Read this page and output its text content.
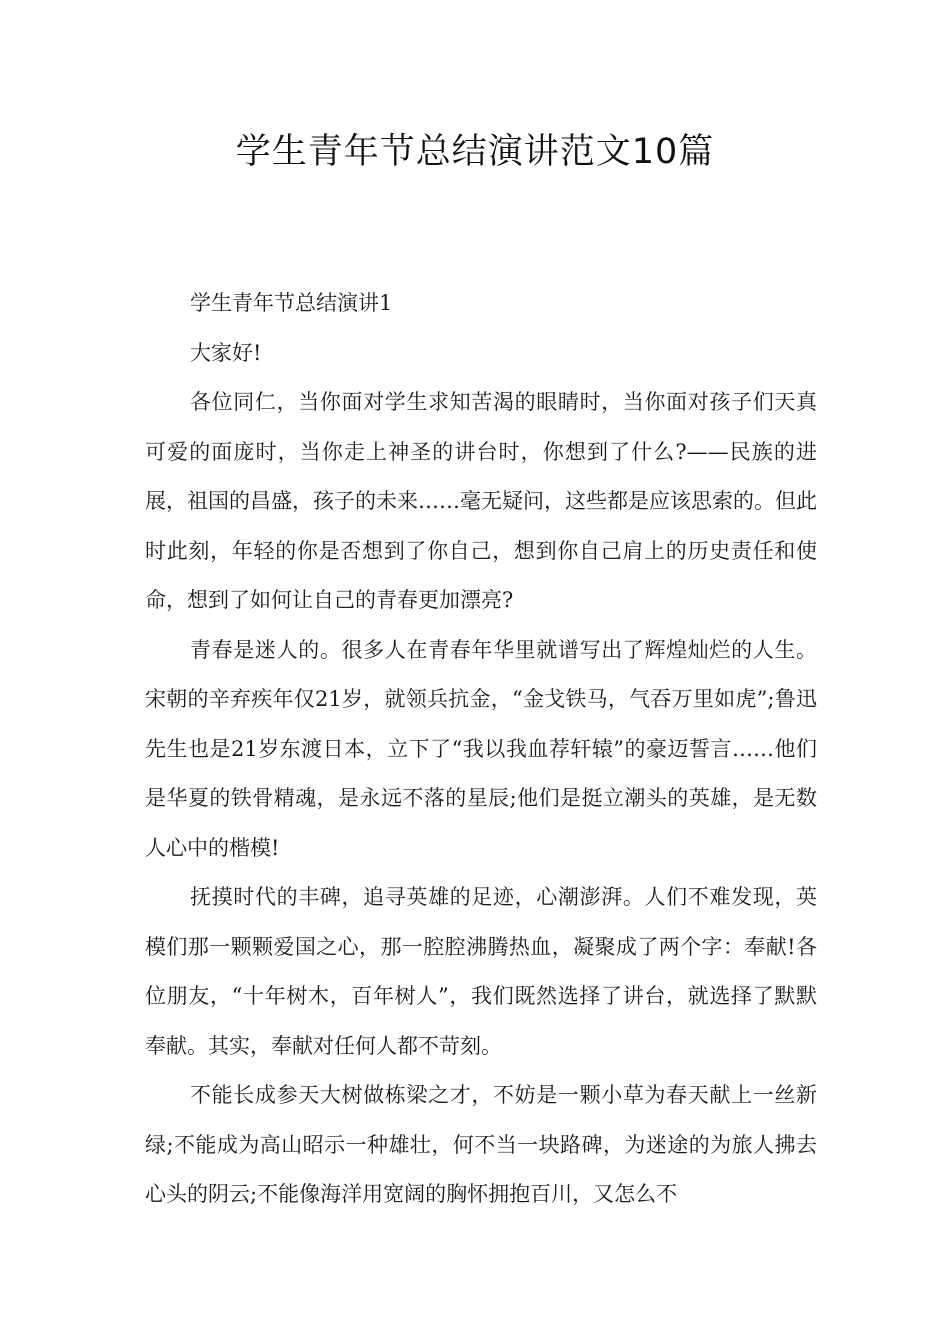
学生青年节总结演讲范文10篇

学生青年节总结演讲1

大家好!

各位同仁，当你面对学生求知苦渴的眼睛时，当你面对孩子们天真可爱的面庞时，当你走上神圣的讲台时，你想到了什么?——民族的进展，祖国的昌盛，孩子的未来……毫无疑问，这些都是应该思索的。但此时此刻，年轻的你是否想到了你自己，想到你自己肩上的历史责任和使命，想到了如何让自己的青春更加漂亮?

青春是迷人的。很多人在青春年华里就谱写出了辉煌灿烂的人生。宋朝的辛弃疾年仅21岁，就领兵抗金，“金戈铁马，气吞万里如虎”;鲁迅先生也是21岁东渡日本，立下了“我以我血荐轩辕”的豪迈誓言……他们是华夏的铁骨精魂，是永远不落的星辰;他们是挺立潮头的英雄，是无数人心中的楷模!

抚摸时代的丰碑，追寻英雄的足迹，心潮澎湃。人们不难发现，英模们那一颗颗爱国之心，那一腔腔沸腾热血，凝聚成了两个字：奉献!各位朋友，“十年树木，百年树人”，我们既然选择了讲台，就选择了默默奉献。其实，奉献对任何人都不苛刻。

不能长成参天大树做栋梁之才，不妨是一颗小草为春天献上一丝新绿;不能成为高山昭示一种雄壮，何不当一块路碑，为迷途的为旅人拂去心头的阴云;不能像海洋用宽阔的胸怀拥抱百川，又怎么不
